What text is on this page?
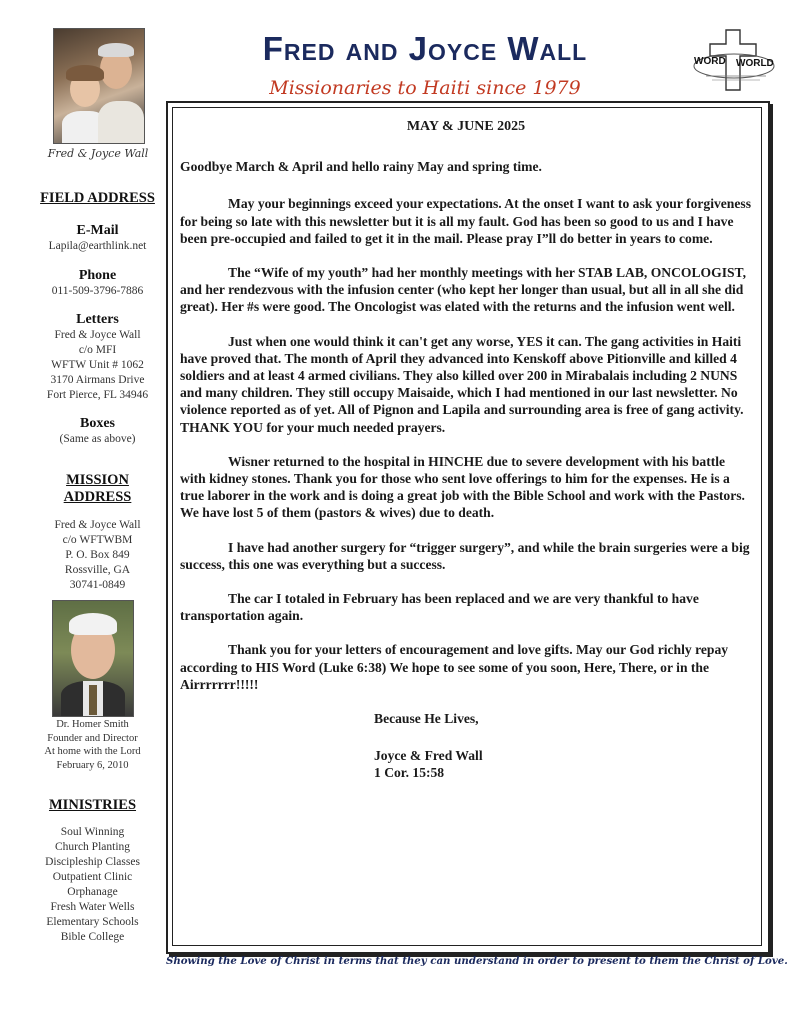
Fred & Joyce Wall
FIELD ADDRESS
E-Mail
Lapila@earthlink.net
Phone
011-509-3796-7886
Letters
Fred & Joyce Wall
c/o MFI
WFTW Unit # 1062
3170 Airmans Drive
Fort Pierce, FL 34946
Boxes
(Same as above)
MISSION
ADDRESS
Fred & Joyce Wall
c/o WFTWBM
P. O. Box 849
Rossville, GA
30741-0849
Dr. Homer Smith
Founder and Director
At home with the Lord
February 6, 2010
MINISTRIES
Soul Winning
Church Planting
Discipleship Classes
Outpatient Clinic
Orphanage
Fresh Water Wells
Elementary Schools
Bible College
Fred and Joyce Wall
Missionaries to Haiti since 1979
WORD WORLD

MAY & JUNE 2025

Goodbye March & April and hello rainy May and spring time.

May your beginnings exceed your expectations. At the onset I want to ask your forgiveness for being so late with this newsletter but it is all my fault. God has been so good to us and I have been pre-occupied and failed to get it in the mail. Please pray I”ll do better in years to come.

The “Wife of my youth” had her monthly meetings with her STAB LAB, ONCOLOGIST, and her rendezvous with the infusion center (who kept her longer than usual, but all in all she did great). Her #s were good. The Oncologist was elated with the returns and the infusion went well.

Just when one would think it can't get any worse, YES it can. The gang activities in Haiti have proved that. The month of April they advanced into Kenskoff above Pitionville and killed 4 soldiers and at least 4 armed civilians. They also killed over 200 in Mirabalais including 2 NUNS and many children. They still occupy Maisaide, which I had mentioned in our last newsletter. No violence reported as of yet. All of Pignon and Lapila and surrounding area is free of gang activity. THANK YOU for your much needed prayers.

Wisner returned to the hospital in HINCHE due to severe development with his battle with kidney stones. Thank you for those who sent love offerings to him for the expenses. He is a true laborer in the work and is doing a great job with the Bible School and work with the Pastors. We have lost 5 of them (pastors & wives) due to death.

I have had another surgery for “trigger surgery”, and while the brain surgeries were a big success, this one was everything but a success.

The car I totaled in February has been replaced and we are very thankful to have transportation again.

Thank you for your letters of encouragement and love gifts. May our God richly repay according to HIS Word (Luke 6:38) We hope to see some of you soon, Here, There, or in the Airrrrrrr!!!!!

Because He Lives,

Joyce & Fred Wall

1 Cor. 15:58

Showing the Love of Christ in terms that they can understand in order to present to them the Christ of Love.
